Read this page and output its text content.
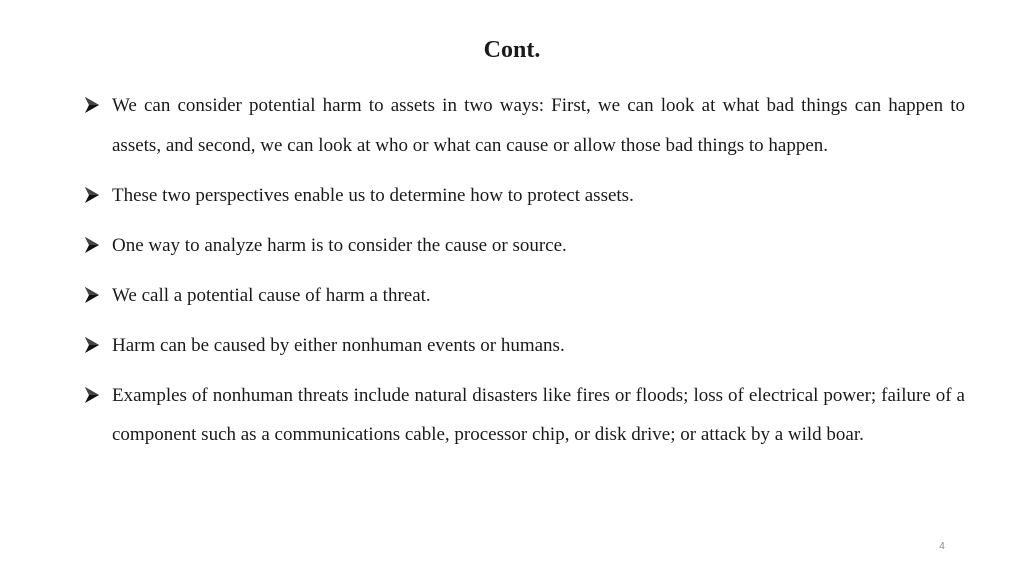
Cont.
We can consider potential harm to assets in two ways: First, we can look at what bad things can happen to assets, and second, we can look at who or what can cause or allow those bad things to happen.
These two perspectives enable us to determine how to protect assets.
One way to analyze harm is to consider the cause or source.
We call a potential cause of harm a threat.
Harm can be caused by either nonhuman events or humans.
Examples of nonhuman threats include natural disasters like fires or floods; loss of electrical power; failure of a component such as a communications cable, processor chip, or disk drive; or attack by a wild boar.
4
